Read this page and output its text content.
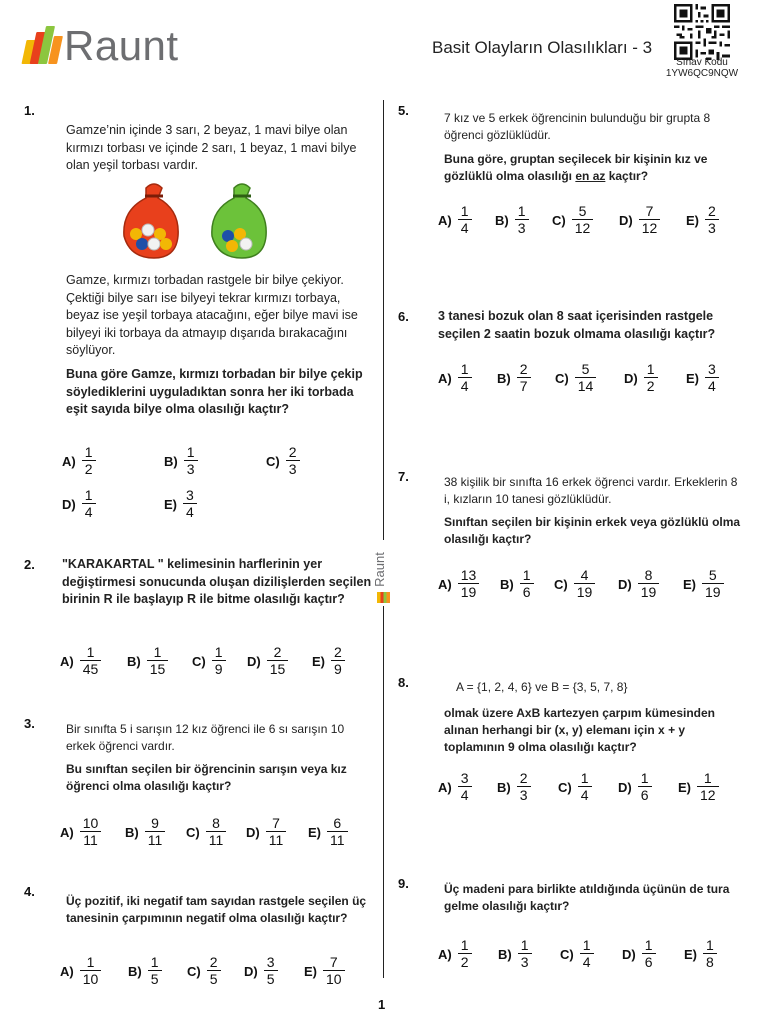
Raunt	Basit Olayların Olasılıkları - 3
Sınav Kodu
1YW6QC9NQW
Raunt
1.
Gamze’nin içinde 3 sarı, 2 beyaz, 1 mavi bilye olan kırmızı torbası ve içinde 2 sarı, 1 beyaz, 1 mavi bilye olan yeşil torbası vardır.
Gamze, kırmızı torbadan rastgele bir bilye çekiyor. Çektiği bilye sarı ise bilyeyi tekrar kırmızı torbaya, beyaz ise yeşil torbaya atacağını, eğer bilye mavi ise bilyeyi iki torbaya da atmayıp dışarıda bırakacağını söylüyor.
Buna göre Gamze, kırmızı torbadan bir bilye çekip söylediklerini uyguladıktan sonra her iki torbada eşit sayıda bilye olma olasılığı kaçtır?
$A) \frac{1}{2}$	$B) \frac{1}{3}$	$C) \frac{2}{3}$
$D) \frac{1}{4}$	$E) \frac{3}{4}$
2. "KARAKARTAL " kelimesinin harflerinin yer değiştirmesi sonucunda oluşan dizilişlerden seçilen birinin R ile başlayıp R ile bitme olasılığı kaçtır?
$A) \frac{1}{45} B) \frac{1}{15} C) \frac{1}{9} D) \frac{2}{15} E) \frac{2}{9}$
3.	Bir sınıfta 5 i sarışın 12 kız öğrenci ile 6 sı sarışın 10 erkek öğrenci vardır.
Bu sınıftan seçilen bir öğrencinin sarışın veya kız öğrenci olma olasılığı kaçtır?
$A) \frac{10}{11} B) \frac{9}{11} C) \frac{8}{11} D) \frac{7}{11} E) \frac{6}{11}$
4.
Üç pozitif, iki negatif tam sayıdan rastgele seçilen üç tanesinin çarpımının negatif olma olasılığı kaçtır?
$A) \frac{1}{10} B) \frac{1}{5} C) \frac{2}{5} D) \frac{3}{5} E) \frac{7}{10}$
5.	7 kız ve 5 erkek öğrencinin bulunduğu bir grupta 8 öğrenci gözlüklüdür.
Buna göre, gruptan seçilecek bir kişinin kız ve gözlüklü olma olasılığı en az kaçtır?
$A) \frac{1}{4} B) \frac{1}{3} C) \frac{5}{12} D) \frac{7}{12} E) \frac{2}{3}$
6. 3 tanesi bozuk olan 8 saat içerisinden rastgele seçilen 2 saatin bozuk olmama olasılığı kaçtır?
$A) \frac{1}{4} B) \frac{2}{7} C) \frac{5}{14} D) \frac{1}{2} E) \frac{3}{4}$
7.	38 kişilik bir sınıfta 16 erkek öğrenci vardır. Erkeklerin 8 i, kızların 10 tanesi gözlüklüdür.
Sınıftan seçilen bir kişinin erkek veya gözlüklü olma olasılığı kaçtır?
$A) \frac{13}{19} B) \frac{1}{6} C) \frac{4}{19} D) \frac{8}{19} E) \frac{5}{19}$
8.	A = {1, 2, 4, 6} ve B = {3, 5, 7, 8}
olmak üzere AxB kartezyen çarpım kümesinden alınan herhangi bir (x, y) elemanı için x + y toplamının 9 olma olasılığı kaçtır?
$A) \frac{3}{4} B) \frac{2}{3} C) \frac{1}{4} D) \frac{1}{6} E) \frac{1}{12}$
9.	Üç madeni para birlikte atıldığında üçünün de tura gelme olasılığı kaçtır?
$A) \frac{1}{2} B) \frac{1}{3} C) \frac{1}{4} D) \frac{1}{6} E) \frac{1}{8}$
1
